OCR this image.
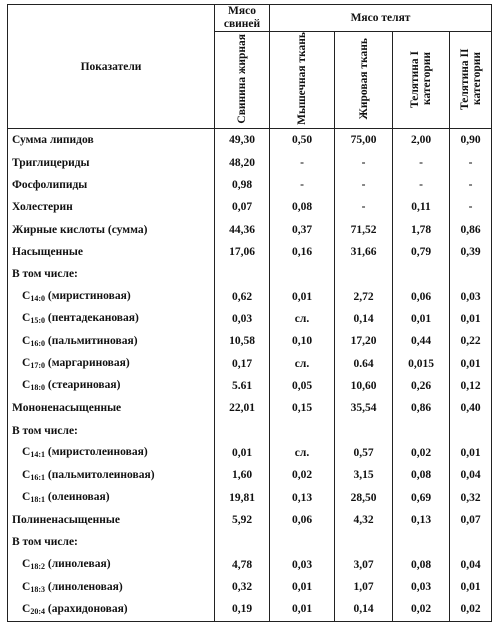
Показатели	Мясо свиней	Мясо телят			
	Свинина жирная	Мышечная ткань	Жировая ткань	Телятина I категории	Телятина II категории
Сумма липидов	49,30	0,50	75,00	2,00	0,90
Триглицериды	48,20	-	-	-	-
Фосфолипиды	0,98	-	-	-	-
Холестерин	0,07	0,08	-	0,11	-
Жирные кислоты (сумма)	44,36	0,37	71,52	1,78	0,86
Насыщенные	17,06	0,16	31,66	0,79	0,39
В том числе:					
$C_{14:0}$ (миристиновая)	0,62	0,01	2,72	0,06	0,03
$C_{15:0}$ (пентадекановая)	0,03	сл.	0,14	0,01	0,01
$C_{16:0}$ (пальмитиновая)	10,58	0,10	17,20	0,44	0,22
$C_{17:0}$ (маргариновая)	0,17	сл.	0.64	0,015	0,01
$C_{18:0}$ (стеариновая)	5.61	0,05	10,60	0,26	0,12
Мононенасыщенные	22,01	0,15	35,54	0,86	0,40
В том числе:					
$C_{14:1}$ (миристолеиновая)	0,01	сл.	0,57	0,02	0,01
$C_{16:1}$ (пальмитолеиновая)	1,60	0,02	3,15	0,08	0,04
$C_{18:1}$ (олеиновая)	19,81	0,13	28,50	0,69	0,32
Полиненасыщенные	5,92	0,06	4,32	0,13	0,07
В том числе:					
$C_{18:2}$ (линолевая)	4,78	0,03	3,07	0,08	0,04
$C_{18:3}$ (линоленовая)	0,32	0,01	1,07	0,03	0,01
$C_{20:4}$ (арахидоновая)	0,19	0,01	0,14	0,02	0,02
